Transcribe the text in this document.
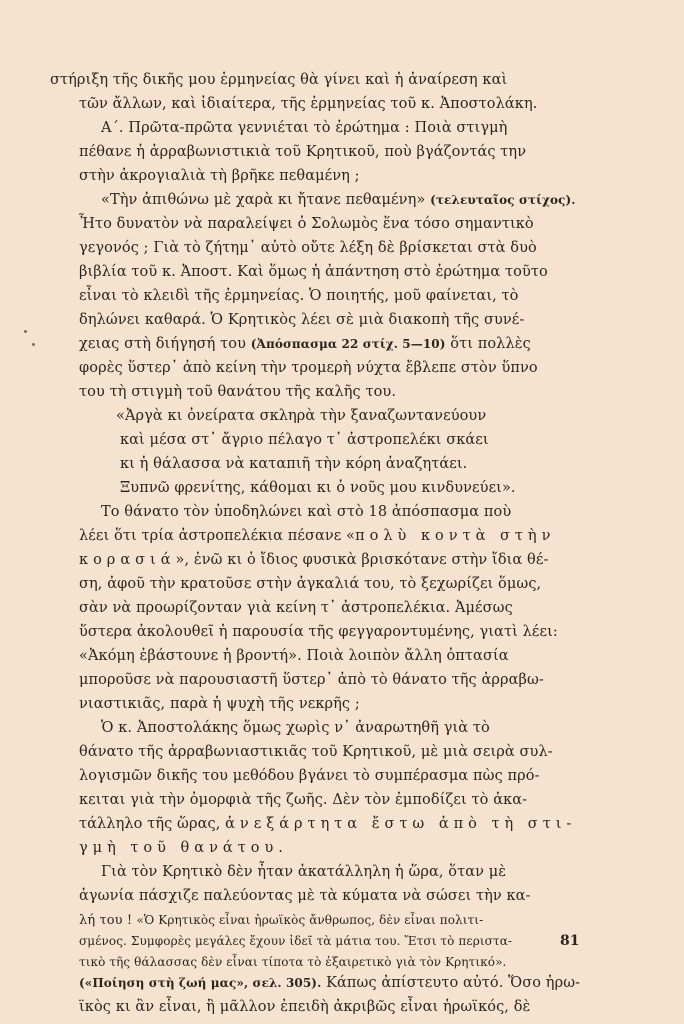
στήριξη τῆς δικῆς μου ἑρμηνείας θὰ γίνει καὶ ἡ ἀναίρεση καὶ
τῶν ἄλλων, καὶ ἰδιαίτερα, τῆς ἑρμηνείας τοῦ κ. Ἀποστολάκη.
Α΄. Πρῶτα-πρῶτα γεννιέται τὸ ἐρώτημα : Ποιὰ στιγμὴ
πέθανε ἡ ἀρραβωνιστικιὰ τοῦ Κρητικοῦ, ποὺ βγάζοντάς την
στὴν ἀκρογιαλιὰ τὴ βρῆκε πεθαμένη ;
«Τὴν ἀπιθώνω μὲ χαρὰ κι ἤτανε πεθαμένη» (τελευταῖος στίχος).
Ἦτο δυνατὸν νὰ παραλείψει ὁ Σολωμὸς ἕνα τόσο σημαντικὸ
γεγονός ; Γιὰ τὸ ζήτημ᾽ αὐτὸ οὔτε λέξη δὲ βρίσκεται στὰ δυὸ
βιβλία τοῦ κ. Ἀποστ. Καὶ ὅμως ἡ ἀπάντηση στὸ ἐρώτημα τοῦτο
εἶναι τὸ κλειδὶ τῆς ἑρμηνείας. Ὁ ποιητής, μοῦ φαίνεται, τὸ
δηλώνει καθαρά. Ὁ Κρητικὸς λέει σὲ μιὰ διακοπὴ τῆς συνέ-
χειας στὴ διήγησή του (Ἀπόσπασμα 22 στίχ. 5—10) ὅτι πολλὲς
φορὲς ὕστερ᾽ ἀπὸ κείνη τὴν τρομερὴ νύχτα ἔβλεπε στὸν ὕπνο
του τὴ στιγμὴ τοῦ θανάτου τῆς καλῆς του.
«Ἀργὰ κι ὀνείρατα σκληρὰ τὴν ξαναζωντανεύουν
καὶ μέσα στ᾽ ἄγριο πέλαγο τ᾽ ἀστροπελέκι σκάει
κι ἡ θάλασσα νὰ καταπιῆ τὴν κόρη ἀναζητάει.
Ξυπνῶ φρενίτης, κάθομαι κι ὁ νοῦς μου κινδυνεύει».
Το θάνατο τὸν ὑποδηλώνει καὶ στὸ 18 ἀπόσπασμα ποὺ
λέει ὅτι τρία ἀστροπελέκια πέσανε «πολὺ κοντὰ στὴν
κορασιά», ἐνῶ κι ὁ ἴδιος φυσικὰ βρισκότανε στὴν ἴδια θέ-
ση, ἀφοῦ τὴν κρατοῦσε στὴν ἀγκαλιά του, τὸ ξεχωρίζει ὅμως,
σὰν νὰ προωρίζονταν γιὰ κείνη τ᾽ ἀστροπελέκια. Ἀμέσως
ὕστερα ἀκολουθεῖ ἡ παρουσία τῆς φεγγαροντυμένης, γιατὶ λέει:
«Ἀκόμη ἐβάστουνε ἡ βροντή». Ποιὰ λοιπὸν ἄλλη ὀπτασία
μποροῦσε νὰ παρουσιαστῆ ὕστερ᾽ ἀπὸ τὸ θάνατο τῆς ἀρραβω-
νιαστικιᾶς, παρὰ ἡ ψυχὴ τῆς νεκρῆς ;
Ὁ κ. Ἀποστολάκης ὅμως χωρὶς ν᾽ ἀναρωτηθῆ γιὰ τὸ
θάνατο τῆς ἀρραβωνιαστικιᾶς τοῦ Κρητικοῦ, μὲ μιὰ σειρὰ συλ-
λογισμῶν δικῆς του μεθόδου βγάνει τὸ συμπέρασμα πὼς πρό-
κειται γιὰ τὴν ὀμορφιὰ τῆς ζωῆς. Δὲν τὸν ἐμποδίζει τὸ ἀκα-
τάλληλο τῆς ὥρας, ἀνεξάρτητα ἔστω ἀπὸ τὴ στι-
γμὴ τοῦ θανάτου.
Γιὰ τὸν Κρητικὸ δὲν ἦταν ἀκατάλληλη ἡ ὥρα, ὅταν μὲ
ἀγωνία πάσχιζε παλεύοντας μὲ τὰ κύματα νὰ σώσει τὴν κα-
λή του ! «Ὁ Κρητικὸς εἶναι ἡρωϊκὸς ἄνθρωπος, δὲν εἶναι πολιτι-
σμένος. Συμφορὲς μεγάλες ἔχουν ἰδεῖ τὰ μάτια του. Ἔτσι τὸ περιστα-
τικὸ τῆς θάλασσας δὲν εἶναι τίποτα τὸ ἐξαιρετικὸ γιὰ τὸν Κρητικό».
(«Ποίηση στὴ ζωή μας», σελ. 305). Κάπως ἀπίστευτο αὐτό. Ὅσο ἡρω-
ϊκὸς κι ἂν εἶναι, ἢ μᾶλλον ἐπειδὴ ἀκριβῶς εἶναι ἡρωϊκός, δὲ
81
